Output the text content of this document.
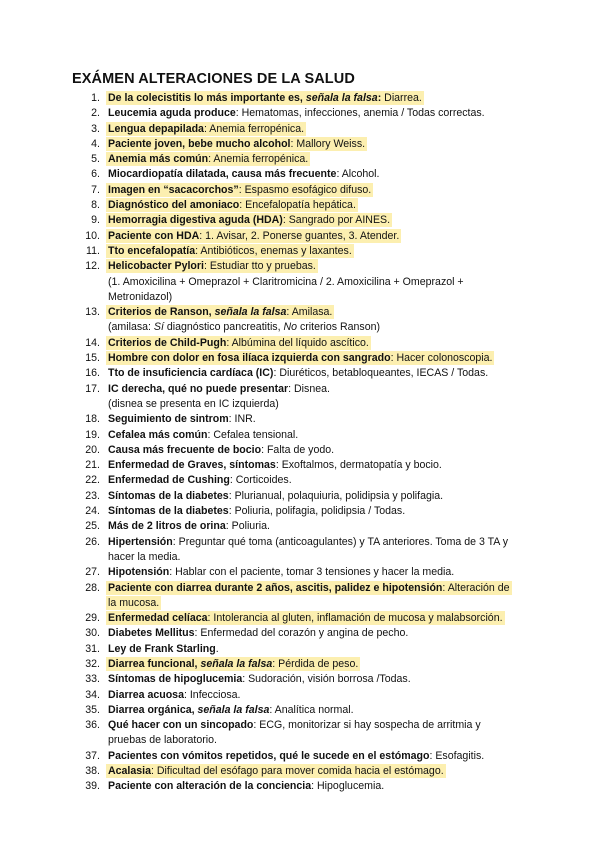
EXÁMEN ALTERACIONES DE LA SALUD
1. De la colecistitis lo más importante es, señala la falsa: Diarrea.
2. Leucemia aguda produce: Hematomas, infecciones, anemia / Todas correctas.
3. Lengua depapilada: Anemia ferropénica.
4. Paciente joven, bebe mucho alcohol: Mallory Weiss.
5. Anemia más común: Anemia ferropénica.
6. Miocardiopatía dilatada, causa más frecuente: Alcohol.
7. Imagen en “sacacorchos”: Espasmo esofágico difuso.
8. Diagnóstico del amoniaco: Encefalopatía hepática.
9. Hemorragia digestiva aguda (HDA): Sangrado por AINES.
10. Paciente con HDA: 1. Avisar, 2. Ponerse guantes, 3. Atender.
11. Tto encefalopatía: Antibióticos, enemas y laxantes.
12. Helicobacter Pylori: Estudiar tto y pruebas.
(1. Amoxicilina + Omeprazol + Claritromicina / 2. Amoxicilina + Omeprazol + Metronidazol)
13. Criterios de Ranson, señala la falsa: Amilasa.
(amilasa: Sí diagnóstico pancreatitis, No criterios Ranson)
14. Criterios de Child-Pugh: Albúmina del líquido ascítico.
15. Hombre con dolor en fosa ilíaca izquierda con sangrado: Hacer colonoscopia.
16. Tto de insuficiencia cardíaca (IC): Diuréticos, betabloqueantes, IECAS / Todas.
17. IC derecha, qué no puede presentar: Disnea.
(disnea se presenta en IC izquierda)
18. Seguimiento de sintrom: INR.
19. Cefalea más común: Cefalea tensional.
20. Causa más frecuente de bocio: Falta de yodo.
21. Enfermedad de Graves, síntomas: Exoftalmos, dermatopatía y bocio.
22. Enfermedad de Cushing: Corticoides.
23. Síntomas de la diabetes: Plurianual, polaquiuria, polidipsia y polifagia.
24. Síntomas de la diabetes: Poliuria, polifagia, polidipsia / Todas.
25. Más de 2 litros de orina: Poliuria.
26. Hipertensión: Preguntar qué toma (anticoagulantes) y TA anteriores. Toma de 3 TA y hacer la media.
27. Hipotensión: Hablar con el paciente, tomar 3 tensiones y hacer la media.
28. Paciente con diarrea durante 2 años, ascitis, palidez e hipotensión: Alteración de la mucosa.
29. Enfermedad celíaca: Intolerancia al gluten, inflamación de mucosa y malabsorción.
30. Diabetes Mellitus: Enfermedad del corazón y angina de pecho.
31. Ley de Frank Starling.
32. Diarrea funcional, señala la falsa: Pérdida de peso.
33. Síntomas de hipoglucemia: Sudoración, visión borrosa /Todas.
34. Diarrea acuosa: Infecciosa.
35. Diarrea orgánica, señala la falsa: Analítica normal.
36. Qué hacer con un sincopado: ECG, monitorizar si hay sospecha de arritmia y pruebas de laboratorio.
37. Pacientes con vómitos repetidos, qué le sucede en el estómago: Esofagitis.
38. Acalasia: Dificultad del esófago para mover comida hacia el estómago.
39. Paciente con alteración de la conciencia: Hipoglucemia.
